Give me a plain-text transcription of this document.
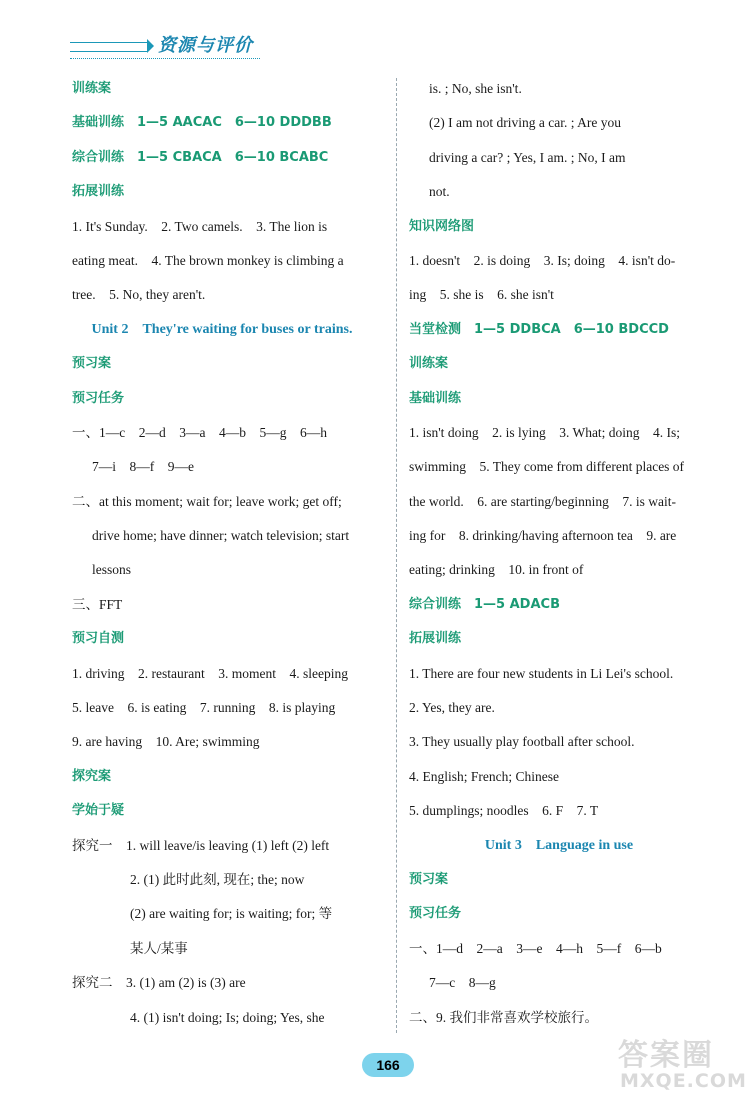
资源与评价
训练案
基础训练　1—5 AACAC　6—10 DDDBB
综合训练　1—5 CBACA　6—10 BCABC
拓展训练
1. It's Sunday.　2. Two camels.　3. The lion is
eating meat.　4. The brown monkey is climbing a
tree.　5. No, they aren't.
Unit 2　They're waiting for buses or trains.
预习案
预习任务
一、1—c　2—d　3—a　4—b　5—g　6—h
7—i　8—f　9—e
二、at this moment; wait for; leave work; get off;
drive home; have dinner; watch television; start
lessons
三、FFT
预习自测
1. driving　2. restaurant　3. moment　4. sleeping
5. leave　6. is eating　7. running　8. is playing
9. are having　10. Are; swimming
探究案
学始于疑
探究一　1. will leave/is leaving (1) left (2) left
2. (1) 此时此刻, 现在; the; now
(2) are waiting for; is waiting; for; 等
某人/某事
探究二　3. (1) am (2) is (3) are
4. (1) isn't doing; Is; doing; Yes, she
is. ; No, she isn't.
(2) I am not driving a car. ; Are you
driving a car? ; Yes, I am. ; No, I am
not.
知识网络图
1. doesn't　2. is doing　3. Is; doing　4. isn't do-
ing　5. she is　6. she isn't
当堂检测　1—5 DDBCA　6—10 BDCCD
训练案
基础训练
1. isn't doing　2. is lying　3. What; doing　4. Is;
swimming　5. They come from different places of
the world.　6. are starting/beginning　7. is wait-
ing for　8. drinking/having afternoon tea　9. are
eating; drinking　10. in front of
综合训练　1—5 ADACB
拓展训练
1. There are four new students in Li Lei's school.
2. Yes, they are.
3. They usually play football after school.
4. English; French; Chinese
5. dumplings; noodles　6. F　7. T
Unit 3　Language in use
预习案
预习任务
一、1—d　2—a　3—e　4—h　5—f　6—b
7—c　8—g
二、9. 我们非常喜欢学校旅行。
166	答案圈
MXQE.COM
